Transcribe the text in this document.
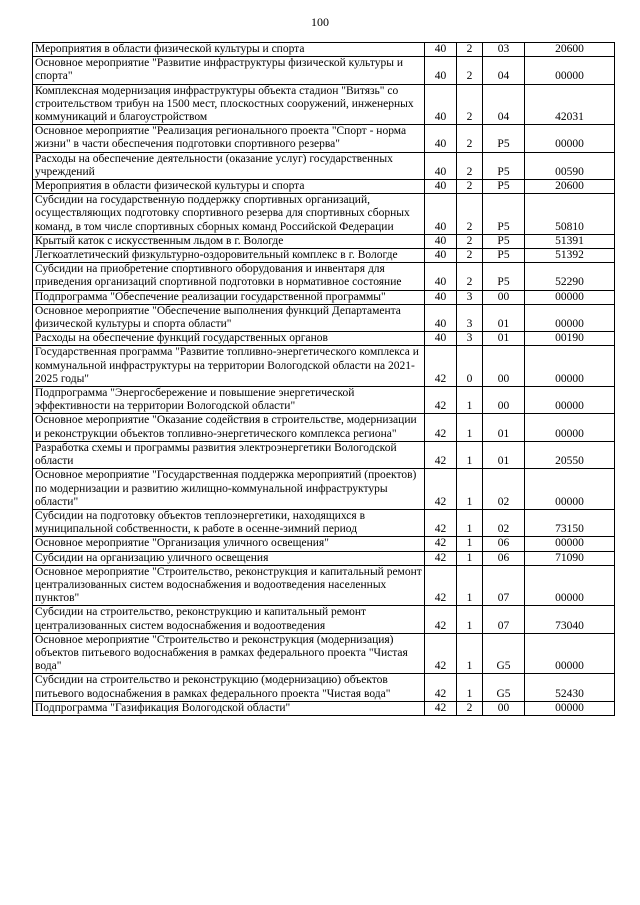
100
Мероприятия в области физической культуры и спорта	40	2	03	20600
Основное мероприятие "Развитие инфраструктуры физической культуры и спорта"	40	2	04	00000
Комплексная модернизация инфраструктуры объекта стадион "Витязь" со строительством трибун на 1500 мест, плоскостных сооружений, инженерных коммуникаций и благоустройством	40	2	04	42031
Основное мероприятие "Реализация регионального проекта "Спорт - норма жизни" в части обеспечения подготовки спортивного резерва"	40	2	P5	00000
Расходы на обеспечение деятельности (оказание услуг) государственных учреждений	40	2	P5	00590
Мероприятия в области физической культуры и спорта	40	2	P5	20600
Субсидии на государственную поддержку спортивных организаций, осуществляющих подготовку спортивного резерва для спортивных сборных команд, в том числе спортивных сборных команд Российской Федерации	40	2	P5	50810
Крытый каток с искусственным льдом в г. Вологде	40	2	P5	51391
Легкоатлетический физкультурно-оздоровительный комплекс в г. Вологде	40	2	P5	51392
Субсидии на приобретение спортивного оборудования и инвентаря для приведения организаций спортивной подготовки в нормативное состояние	40	2	P5	52290
Подпрограмма "Обеспечение реализации государственной программы"	40	3	00	00000
Основное мероприятие "Обеспечение выполнения функций Департамента физической культуры и спорта области"	40	3	01	00000
Расходы на обеспечение функций государственных органов	40	3	01	00190
Государственная программа "Развитие топливно-энергетического комплекса и коммунальной инфраструктуры на территории Вологодской области на 2021-2025 годы"	42	0	00	00000
Подпрограмма "Энергосбережение и повышение энергетической эффективности на территории Вологодской области"	42	1	00	00000
Основное мероприятие "Оказание содействия в строительстве, модернизации и реконструкции объектов топливно-энергетического комплекса региона"	42	1	01	00000
Разработка схемы и программы развития электроэнергетики Вологодской области	42	1	01	20550
Основное мероприятие "Государственная поддержка мероприятий (проектов) по модернизации и развитию жилищно-коммунальной инфраструктуры области"	42	1	02	00000
Субсидии на подготовку объектов теплоэнергетики, находящихся в муниципальной собственности, к работе в осенне-зимний период	42	1	02	73150
Основное мероприятие "Организация уличного освещения"	42	1	06	00000
Субсидии на организацию уличного освещения	42	1	06	71090
Основное мероприятие "Строительство, реконструкция и капитальный ремонт централизованных систем водоснабжения и водоотведения населенных пунктов"	42	1	07	00000
Субсидии на строительство, реконструкцию и капитальный ремонт централизованных систем водоснабжения и водоотведения	42	1	07	73040
Основное мероприятие "Строительство и реконструкция (модернизация) объектов питьевого водоснабжения в рамках федерального проекта "Чистая вода"	42	1	G5	00000
Субсидии на строительство и реконструкцию (модернизацию) объектов питьевого водоснабжения в рамках федерального проекта "Чистая вода"	42	1	G5	52430
Подпрограмма "Газификация Вологодской области"	42	2	00	00000
